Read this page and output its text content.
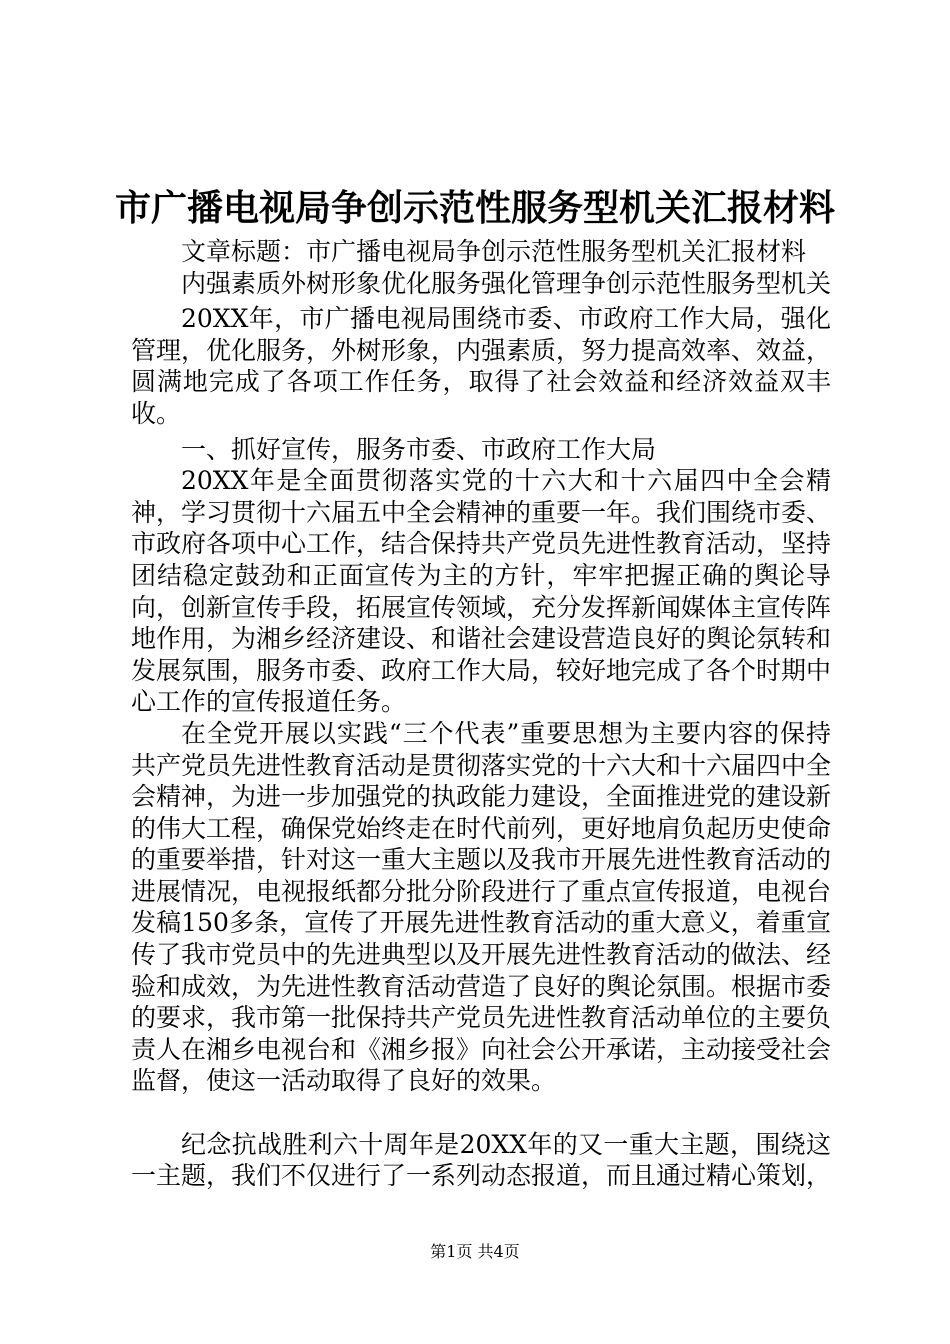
市广播电视局争创示范性服务型机关汇报材料

文章标题：市广播电视局争创示范性服务型机关汇报材料

内强素质外树形象优化服务强化管理争创示范性服务型机关

20XX年，市广播电视局围绕市委、市政府工作大局，强化管理，优化服务，外树形象，内强素质，努力提高效率、效益，圆满地完成了各项工作任务，取得了社会效益和经济效益双丰收。

一、抓好宣传，服务市委、市政府工作大局

20XX年是全面贯彻落实党的十六大和十六届四中全会精神，学习贯彻十六届五中全会精神的重要一年。我们围绕市委、市政府各项中心工作，结合保持共产党员先进性教育活动，坚持团结稳定鼓劲和正面宣传为主的方针，牢牢把握正确的舆论导向，创新宣传手段，拓展宣传领域，充分发挥新闻媒体主宣传阵地作用，为湘乡经济建设、和谐社会建设营造良好的舆论氛转和发展氛围，服务市委、政府工作大局，较好地完成了各个时期中心工作的宣传报道任务。

在全党开展以实践“三个代表”重要思想为主要内容的保持共产党员先进性教育活动是贯彻落实党的十六大和十六届四中全会精神，为进一步加强党的执政能力建设，全面推进党的建设新的伟大工程，确保党始终走在时代前列，更好地肩负起历史使命的重要举措，针对这一重大主题以及我市开展先进性教育活动的进展情况，电视报纸都分批分阶段进行了重点宣传报道，电视台发稿150多条，宣传了开展先进性教育活动的重大意义，着重宣传了我市党员中的先进典型以及开展先进性教育活动的做法、经验和成效，为先进性教育活动营造了良好的舆论氛围。根据市委的要求，我市第一批保持共产党员先进性教育活动单位的主要负责人在湘乡电视台和《湘乡报》向社会公开承诺，主动接受社会监督，使这一活动取得了良好的效果。

纪念抗战胜利六十周年是20XX年的又一重大主题，围绕这一主题，我们不仅进行了一系列动态报道，而且通过精心策划，

第1页 共4页
